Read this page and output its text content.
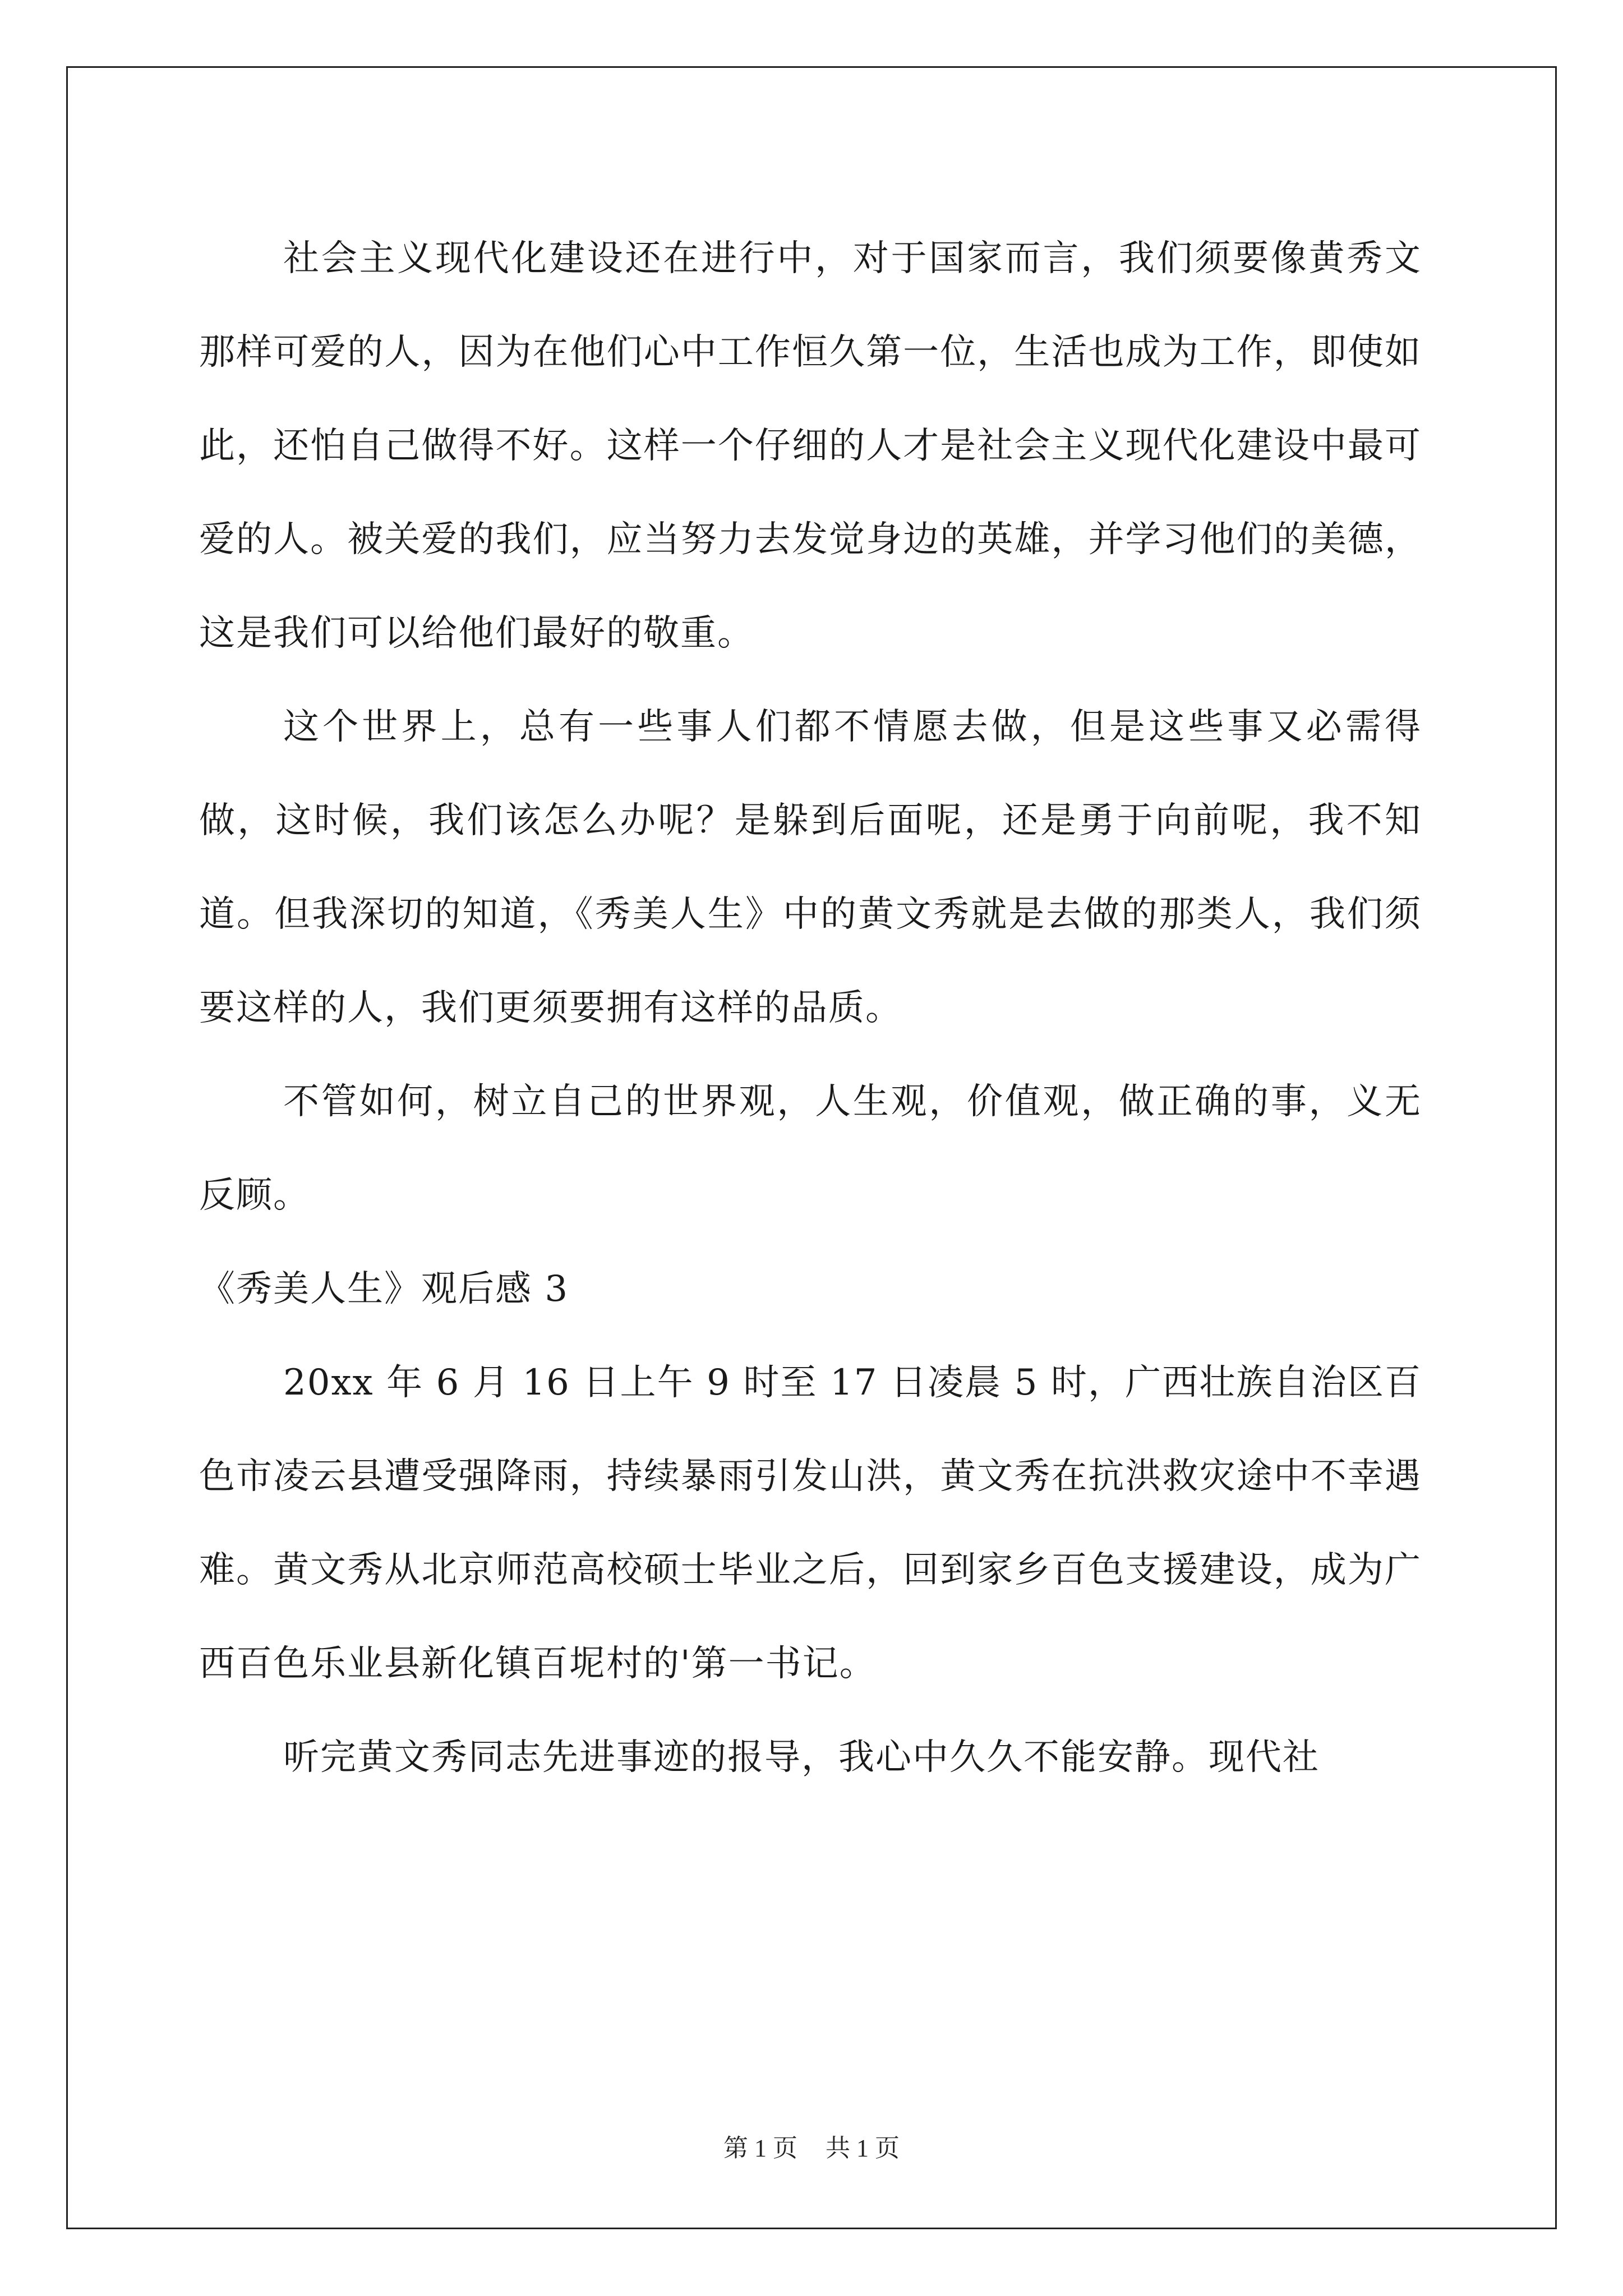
社会主义现代化建设还在进行中，对于国家而言，我们须要像黄秀文那样可爱的人，因为在他们心中工作恒久第一位，生活也成为工作，即使如此，还怕自己做得不好。这样一个仔细的人才是社会主义现代化建设中最可爱的人。被关爱的我们，应当努力去发觉身边的英雄，并学习他们的美德，这是我们可以给他们最好的敬重。

这个世界上，总有一些事人们都不情愿去做，但是这些事又必需得做，这时候，我们该怎么办呢？是躲到后面呢，还是勇于向前呢，我不知道。但我深切的知道，《秀美人生》中的黄文秀就是去做的那类人，我们须要这样的人，我们更须要拥有这样的品质。

不管如何，树立自己的世界观，人生观，价值观，做正确的事，义无反顾。

《秀美人生》观后感 3

20xx 年 6 月 16 日上午 9 时至 17 日凌晨 5 时，广西壮族自治区百色市凌云县遭受强降雨，持续暴雨引发山洪，黄文秀在抗洪救灾途中不幸遇难。黄文秀从北京师范高校硕士毕业之后，回到家乡百色支援建设，成为广西百色乐业县新化镇百坭村的'第一书记。

听完黄文秀同志先进事迹的报导，我心中久久不能安静。现代社

第 1 页 共 1 页
